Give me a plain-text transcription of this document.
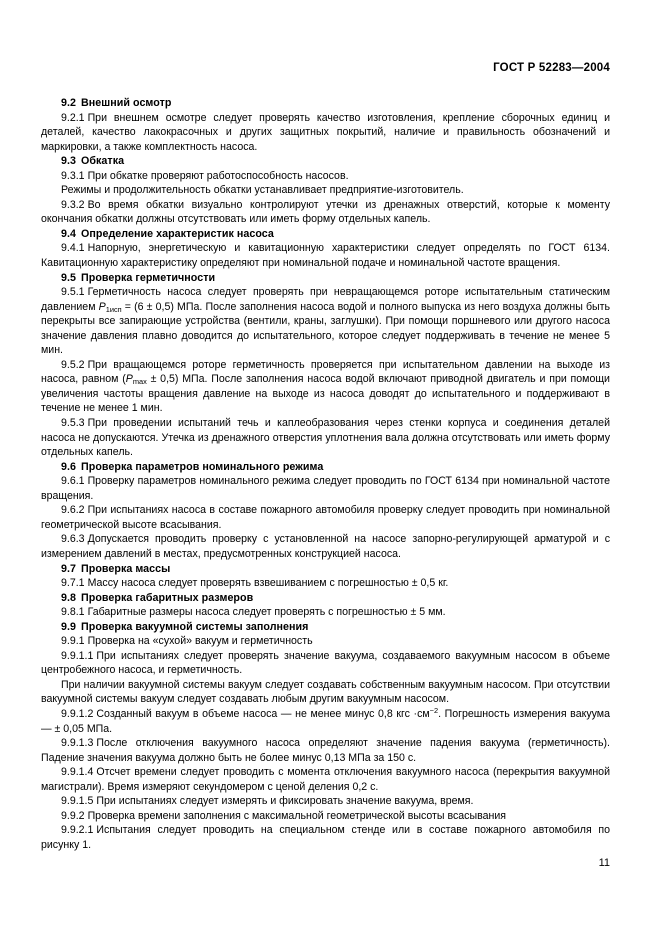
ГОСТ Р 52283—2004
9.2 Внешний осмотр

9.2.1 При внешнем осмотре следует проверять качество изготовления, крепление сборочных единиц и деталей, качество лакокрасочных и других защитных покрытий, наличие и правильность обозначений и маркировки, а также комплектность насоса.

9.3 Обкатка

9.3.1 При обкатке проверяют работоспособность насосов.

Режимы и продолжительность обкатки устанавливает предприятие-изготовитель.

9.3.2 Во время обкатки визуально контролируют утечки из дренажных отверстий, которые к моменту окончания обкатки должны отсутствовать или иметь форму отдельных капель.

9.4 Определение характеристик насоса

9.4.1 Напорную, энергетическую и кавитационную характеристики следует определять по ГОСТ 6134. Кавитационную характеристику определяют при номинальной подаче и номинальной частоте вращения.

9.5 Проверка герметичности

9.5.1 Герметичность насоса следует проверять при невращающемся роторе испытательным статическим давлением $P_{1исп} = (6 \pm 0,5)$ МПа. После заполнения насоса водой и полного выпуска из него воздуха должны быть перекрыты все запирающие устройства (вентили, краны, заглушки). При помощи поршневого или другого насоса значение давления плавно доводится до испытательного, которое следует поддерживать в течение не менее 5 мин.

9.5.2 При вращающемся роторе герметичность проверяется при испытательном давлении на выходе из насоса, равном $(P_{max} \pm 0,5)$ МПа. После заполнения насоса водой включают приводной двигатель и при помощи увеличения частоты вращения давление на выходе из насоса доводят до испытательного и поддерживают в течение не менее 1 мин.

9.5.3 При проведении испытаний течь и каплеобразования через стенки корпуса и соединения деталей насоса не допускаются. Утечка из дренажного отверстия уплотнения вала должна отсутствовать или иметь форму отдельных капель.

9.6 Проверка параметров номинального режима

9.6.1 Проверку параметров номинального режима следует проводить по ГОСТ 6134 при номинальной частоте вращения.

9.6.2 При испытаниях насоса в составе пожарного автомобиля проверку следует проводить при номинальной геометрической высоте всасывания.

9.6.3 Допускается проводить проверку с установленной на насосе запорно-регулирующей арматурой и с измерением давлений в местах, предусмотренных конструкцией насоса.

9.7 Проверка массы

9.7.1 Массу насоса следует проверять взвешиванием с погрешностью ± 0,5 кг.

9.8 Проверка габаритных размеров

9.8.1 Габаритные размеры насоса следует проверять с погрешностью ± 5 мм.

9.9 Проверка вакуумной системы заполнения

9.9.1 Проверка на «сухой» вакуум и герметичность

9.9.1.1 При испытаниях следует проверять значение вакуума, создаваемого вакуумным насосом в объеме центробежного насоса, и герметичность.

При наличии вакуумной системы вакуум следует создавать собственным вакуумным насосом. При отсутствии вакуумной системы вакуум следует создавать любым другим вакуумным насосом.

9.9.1.2 Созданный вакуум в объеме насоса — не менее минус 0,8 кгс $\cdot см^{-2}$. Погрешность измерения вакуума — ± 0,05 МПа.

9.9.1.3 После отключения вакуумного насоса определяют значение падения вакуума (герметичность). Падение значения вакуума должно быть не более минус 0,13 МПа за 150 с.

9.9.1.4 Отсчет времени следует проводить с момента отключения вакуумного насоса (перекрытия вакуумной магистрали). Время измеряют секундомером с ценой деления 0,2 с.

9.9.1.5 При испытаниях следует измерять и фиксировать значение вакуума, время.

9.9.2 Проверка времени заполнения с максимальной геометрической высоты всасывания

9.9.2.1 Испытания следует проводить на специальном стенде или в составе пожарного автомобиля по рисунку 1.

11
